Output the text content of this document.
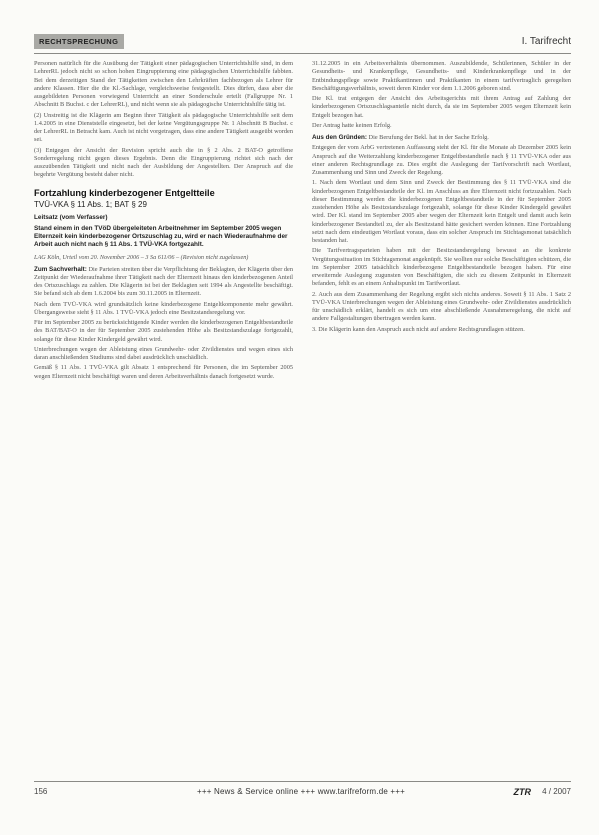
RECHTSPRECHUNG	I. Tarifrecht

Personen natürlich für die Ausübung der Tätigkeit einer pädagogischen Unterrichtshilfe sind, in dem LehrerRL jedoch nicht so schon hohen Eingruppierung eine pädagogischen Unterrichtshilfe fabbten. Bei dem derzeitigen Stand der Tätigkeiten zwischen den Lehrkräften fachbezogen als Lehrer für andere Klassen. Hier die die Kl.-Sachlage, vergleichsweise festgestellt. Dies dürfen, dass aber die ausgebildeten Personen vorwiegend Unterricht an einer Sonderschule erteilt (Fallgruppe Nr. 1 Abschnitt B Buchst. c der LehrerRL), und nicht wenn sie als pädagogische Unterrichtshilfe tätig ist.

(2) Unstreitig ist die Klägerin am Beginn ihrer Tätigkeit als pädagogische Unterrichtshilfe seit dem 1.4.2005 in eine Dienststelle eingesetzt, bei der keine Vergütungsgruppe Nr. 1 Abschnitt B Buchst. c der LehrerRL in Betracht kam. Auch ist nicht vorgetragen, dass eine andere Tätigkeit ausgeübt worden sei.

(3) Entgegen der Ansicht der Revision spricht auch die in § 2 Abs. 2 BAT-O getroffene Sonderregelung nicht gegen dieses Ergebnis. Denn die Eingruppierung richtet sich nach der auszuübenden Tätigkeit und nicht nach der Ausbildung der Angestellten. Der Anspruch auf die begehrte Vergütung besteht daher nicht.

Fortzahlung kinderbezogener Entgeltteile
TVÜ-VKA § 11 Abs. 1; BAT § 29
Leitsatz (vom Verfasser)

Stand einem in den TVöD übergeleiteten Arbeitnehmer im September 2005 wegen Elternzeit kein kinderbezogener Ortszuschlag zu, wird er nach Wiederaufnahme der Arbeit auch nicht nach § 11 Abs. 1 TVÜ-VKA fortgezahlt.

LAG Köln, Urteil vom 20. November 2006 – 3 Sa 611/06 – (Revision nicht zugelassen)

Zum Sachverhalt: Die Parteien streiten über die Verpflichtung der Beklagten, der Klägerin über den Zeitpunkt der Wiederaufnahme ihrer Tätigkeit nach der Elternzeit hinaus den kinderbezogenen Anteil des Ortszuschlags zu zahlen. Die Klägerin ist bei der Beklagten seit 1994 als Angestellte beschäftigt. Sie befand sich ab dem 1.6.2004 bis zum 30.11.2005 in Elternzeit.

Nach dem TVÜ-VKA wird grundsätzlich keine kinderbezogene Entgeltkomponente mehr gewährt. Übergangsweise sieht § 11 Abs. 1 TVÜ-VKA jedoch eine Besitzstandsregelung vor.

Für im September 2005 zu berücksichtigende Kinder werden die kinderbezogenen Entgeltbestandteile des BAT/BAT-O in der für September 2005 zustehenden Höhe als Besitzstandszulage fortgezahlt, solange für diese Kinder Kindergeld gewährt wird.

Unterbrechungen wegen der Ableistung eines Grundwehr- oder Zivildienstes und wegen eines sich daran anschließenden Studiums sind dabei ausdrücklich unschädlich.

Gemäß § 11 Abs. 1 TVÜ-VKA gilt Absatz 1 entsprechend für Personen, die im September 2005 wegen Elternzeit nicht beschäftigt waren und deren Arbeitsverhältnis danach fortgesetzt wurde.

31.12.2005 in ein Arbeitsverhältnis übernommen. Auszubildende, Schülerinnen, Schüler in der Gesundheits- und Krankenpflege, Gesundheits- und Kinderkrankenpflege und in der Entbindungspflege sowie Praktikantinnen und Praktikanten in einem tarifvertraglich geregelten Beschäftigungsverhältnis, soweit deren Kinder vor dem 1.1.2006 geboren sind.

Die Kl. trat entgegen der Ansicht des Arbeitsgerichts mit ihrem Antrag auf Zahlung der kinderbezogenen Ortszuschlagsanteile nicht durch, da sie im September 2005 wegen Elternzeit kein Entgelt bezogen hat.

Der Antrag hatte keinen Erfolg.

Aus den Gründen: Die Berufung der Bekl. hat in der Sache Erfolg.

Entgegen der vom ArbG vertretenen Auffassung steht der Kl. für die Monate ab Dezember 2005 kein Anspruch auf die Weiterzahlung kinderbezogener Entgeltbestandteile nach § 11 TVÜ-VKA oder aus einer anderen Rechtsgrundlage zu. Dies ergibt die Auslegung der Tarifvorschrift nach Wortlaut, Zusammenhang und Sinn und Zweck der Regelung.

1. Nach dem Wortlaut und dem Sinn und Zweck der Bestimmung des § 11 TVÜ-VKA sind die kinderbezogenen Entgeltbestandteile der Kl. im Anschluss an ihre Elternzeit nicht fortzuzahlen. Nach dieser Bestimmung werden die kinderbezogenen Entgeltbestandteile in der für September 2005 zustehenden Höhe als Besitzstandszulage fortgezahlt, solange für diese Kinder Kindergeld gewährt wird. Der Kl. stand im September 2005 aber wegen der Elternzeit kein Entgelt und damit auch kein kinderbezogener Bestandteil zu, der als Besitzstand hätte gesichert werden können. Eine Fortzahlung setzt nach dem eindeutigen Wortlaut voraus, dass ein solcher Anspruch im Stichtagsmonat tatsächlich bestanden hat.

Die Tarifvertragsparteien haben mit der Besitzstandsregelung bewusst an die konkrete Vergütungssituation im Stichtagsmonat angeknüpft. Sie wollten nur solche Beschäftigten schützen, die im September 2005 tatsächlich kinderbezogene Entgeltbestandteile bezogen haben. Für eine erweiternde Auslegung zugunsten von Beschäftigten, die sich zu diesem Zeitpunkt in Elternzeit befanden, fehlt es an einem Anhaltspunkt im Tarifwortlaut.

2. Auch aus dem Zusammenhang der Regelung ergibt sich nichts anderes. Soweit § 11 Abs. 1 Satz 2 TVÜ-VKA Unterbrechungen wegen der Ableistung eines Grundwehr- oder Zivildienstes ausdrücklich für unschädlich erklärt, handelt es sich um eine abschließende Ausnahmeregelung, die nicht auf andere Fallgestaltungen übertragen werden kann.

3. Die Klägerin kann den Anspruch auch nicht auf andere Rechtsgrundlagen stützen.

156	+++ News & Service online +++ www.tarifreform.de +++	ZTR 4 / 2007
